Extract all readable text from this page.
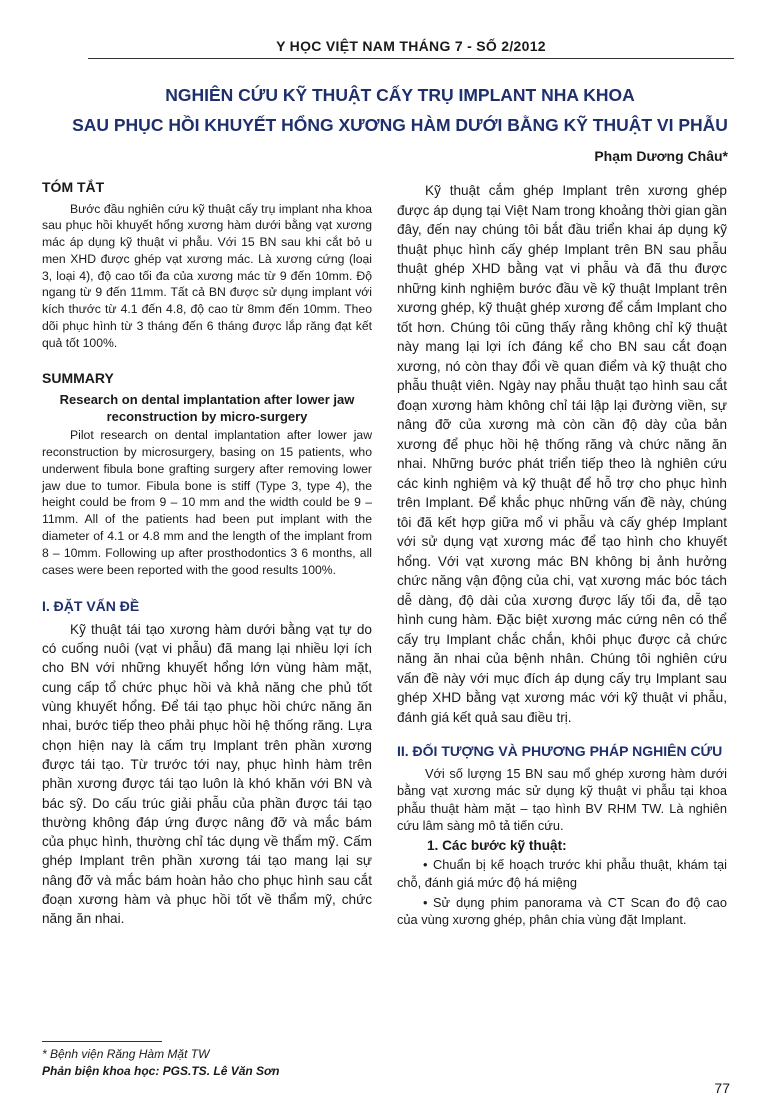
Y HỌC VIỆT NAM THÁNG 7 - SỐ 2/2012
NGHIÊN CỨU KỸ THUẬT CẤY TRỤ IMPLANT NHA KHOA
SAU PHỤC HỒI KHUYẾT HỔNG XƯƠNG HÀM DƯỚI BẰNG KỸ THUẬT VI PHẪU
Phạm Dương Châu*
TÓM TẮT

Bước đầu nghiên cứu kỹ thuật cấy trụ implant nha khoa sau phục hồi khuyết hổng xương hàm dưới bằng vạt xương mác áp dụng kỹ thuật vi phẫu. Với 15 BN sau khi cắt bỏ u men XHD được ghép vạt xương mác. Là xương cứng (loại 3, loại 4), độ cao tối đa của xương mác từ 9 đến 10mm. Độ ngang từ 9 đến 11mm. Tất cả BN được sử dụng implant với kích thước từ 4.1 đến 4.8, độ cao từ 8mm đến 10mm. Theo dõi phục hình từ 3 tháng đến 6 tháng được lắp răng đạt kết quả tốt 100%.

SUMMARY
Research on dental implantation after lower jaw reconstruction by micro-surgery

Pilot research on dental implantation after lower jaw reconstruction by microsurgery, basing on 15 patients, who underwent fibula bone grafting surgery after removing lower jaw due to tumor. Fibula bone is stiff (Type 3, type 4), the height could be from 9 – 10 mm and the width could be 9 – 11mm. All of the patients had been put implant with the diameter of 4.1 or 4.8 mm and the length of the implant from 8 – 10mm. Following up after prosthodontics 3 6 months, all cases were been reported with the good results 100%.

I. ĐẶT VẤN ĐỀ

Kỹ thuật tái tạo xương hàm dưới bằng vạt tự do có cuống nuôi (vạt vi phẫu) đã mang lại nhiều lợi ích cho BN với những khuyết hổng lớn vùng hàm mặt, cung cấp tổ chức phục hồi và khả năng che phủ tốt vùng khuyết hổng. Để tái tạo phục hồi chức năng ăn nhai, bước tiếp theo phải phục hồi hệ thống răng. Lựa chọn hiện nay là cấm trụ Implant trên phần xương được tái tạo. Từ trước tới nay, phục hình hàm trên phần xương được tái tạo luôn là khó khăn với BN và bác sỹ. Do cấu trúc giải phẫu của phần được tái tạo thường không đáp ứng được nâng đỡ và mắc bám của phục hình, thường chỉ tác dụng về thẩm mỹ. Cấm ghép Implant trên phần xương tái tạo mang lại sự nâng đỡ và mắc bám hoàn hảo cho phục hình sau cắt đoạn xương hàm và phục hồi tốt về thẩm mỹ, chức năng ăn nhai.

Kỹ thuật cắm ghép Implant trên xương ghép được áp dụng tại Việt Nam trong khoảng thời gian gần đây, đến nay chúng tôi bắt đầu triển khai áp dụng kỹ thuật phục hình cấy ghép Implant trên BN sau phẫu thuật ghép XHD bằng vạt vi phẫu và đã thu được những kinh nghiệm bước đầu về kỹ thuật Implant trên xương ghép, kỹ thuật ghép xương để cắm Implant cho tốt hơn. Chúng tôi cũng thấy rằng không chỉ kỹ thuật này mang lại lợi ích đáng kể cho BN sau cắt đoạn xương, nó còn thay đổi về quan điểm và kỹ thuật cho phẫu thuật viên. Ngày nay phẫu thuật tạo hình sau cắt đoạn xương hàm không chỉ tái lập lại đường viền, sự nâng đỡ của xương mà còn cần độ dày của bản xương để phục hồi hệ thống răng và chức năng ăn nhai. Những bước phát triển tiếp theo là nghiên cứu các kinh nghiệm và kỹ thuật để hỗ trợ cho phục hình trên Implant. Để khắc phục những vấn đề này, chúng tôi đã kết hợp giữa mổ vi phẫu và cấy ghép Implant với sử dụng vạt xương mác để tạo hình cho khuyết hổng. Với vạt xương mác BN không bị ảnh hưởng chức năng vận động của chi, vạt xương mác bóc tách dễ dàng, độ dài của xương được lấy tối đa, dễ tạo hình cung hàm. Đặc biệt xương mác cứng nên có thể cấy trụ Implant chắc chắn, khôi phục được cả chức năng ăn nhai của bệnh nhân. Chúng tôi nghiên cứu vấn đề này với mục đích áp dụng cấy trụ Implant sau ghép XHD bằng vạt xương mác với kỹ thuật vi phẫu, đánh giá kết quả sau điều trị.

II. ĐỐI TƯỢNG VÀ PHƯƠNG PHÁP NGHIÊN CỨU

Với số lượng 15 BN sau mổ ghép xương hàm dưới bằng vạt xương mác sử dụng kỹ thuật vi phẫu tại khoa phẫu thuật hàm mặt – tạo hình BV RHM TW. Là nghiên cứu lâm sàng mô tả tiến cứu.

1. Các bước kỹ thuật:

• Chuẩn bị kế hoạch trước khi phẫu thuật, khám tại chỗ, đánh giá mức độ há miệng

• Sử dụng phim panorama và CT Scan đo độ cao của vùng xương ghép, phân chia vùng đặt Implant.

* Bệnh viện Răng Hàm Mặt TW
Phản biện khoa học: PGS.TS. Lê Văn Sơn
77
